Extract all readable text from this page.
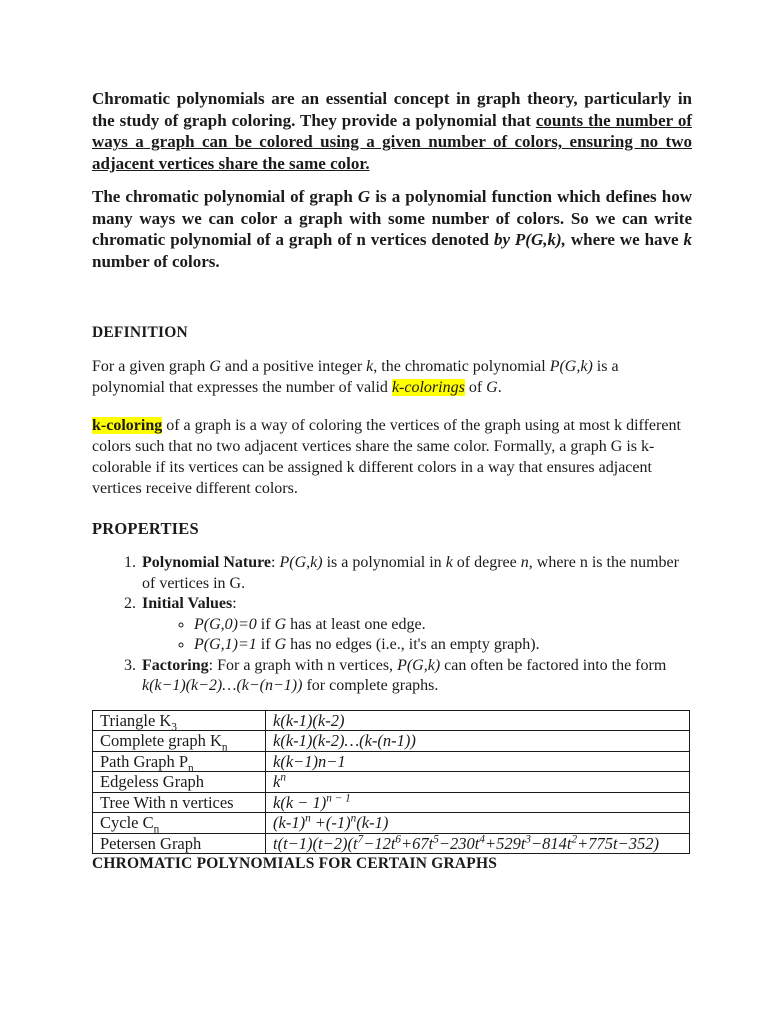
Chromatic polynomials are an essential concept in graph theory, particularly in the study of graph coloring. They provide a polynomial that counts the number of ways a graph can be colored using a given number of colors, ensuring no two adjacent vertices share the same color.

The chromatic polynomial of graph G is a polynomial function which defines how many ways we can color a graph with some number of colors. So we can write chromatic polynomial of a graph of n vertices denoted by P(G,k), where we have k number of colors.

DEFINITION

For a given graph G and a positive integer k, the chromatic polynomial P(G,k) is a polynomial that expresses the number of valid k-colorings of G.

k-coloring of a graph is a way of coloring the vertices of the graph using at most k different colors such that no two adjacent vertices share the same color. Formally, a graph G is k-colorable if its vertices can be assigned k different colors in a way that ensures adjacent vertices receive different colors.

PROPERTIES
1. Polynomial Nature: P(G,k) is a polynomial in k of degree n, where n is the number of vertices in G.
2. Initial Values:
◦ P(G,0)=0 if G has at least one edge.
◦ P(G,1)=1 if G has no edges (i.e., it's an empty graph).
3. Factoring: For a graph with n vertices, P(G,k) can often be factored into the form k(k−1)(k−2)…(k−(n−1)) for complete graphs.
Triangle $K_3$	k(k-1)(k-2)
Complete graph $K_n$	k(k-1)(k-2)…(k-(n-1))
Path Graph $P_n$	k(k−1)n−1
Edgeless Graph	$k^n$
Tree With n vertices	$k(k - 1)^{n - 1}$
Cycle $C_n$	$(k-1)^n +(-1)^n(k-1)$
Petersen Graph	$t(t-1)(t-2)(t^7-12t^6+67t^5-230t^4+529t^3-814t^2+775t-352)$

CHROMATIC POLYNOMIALS FOR CERTAIN GRAPHS
